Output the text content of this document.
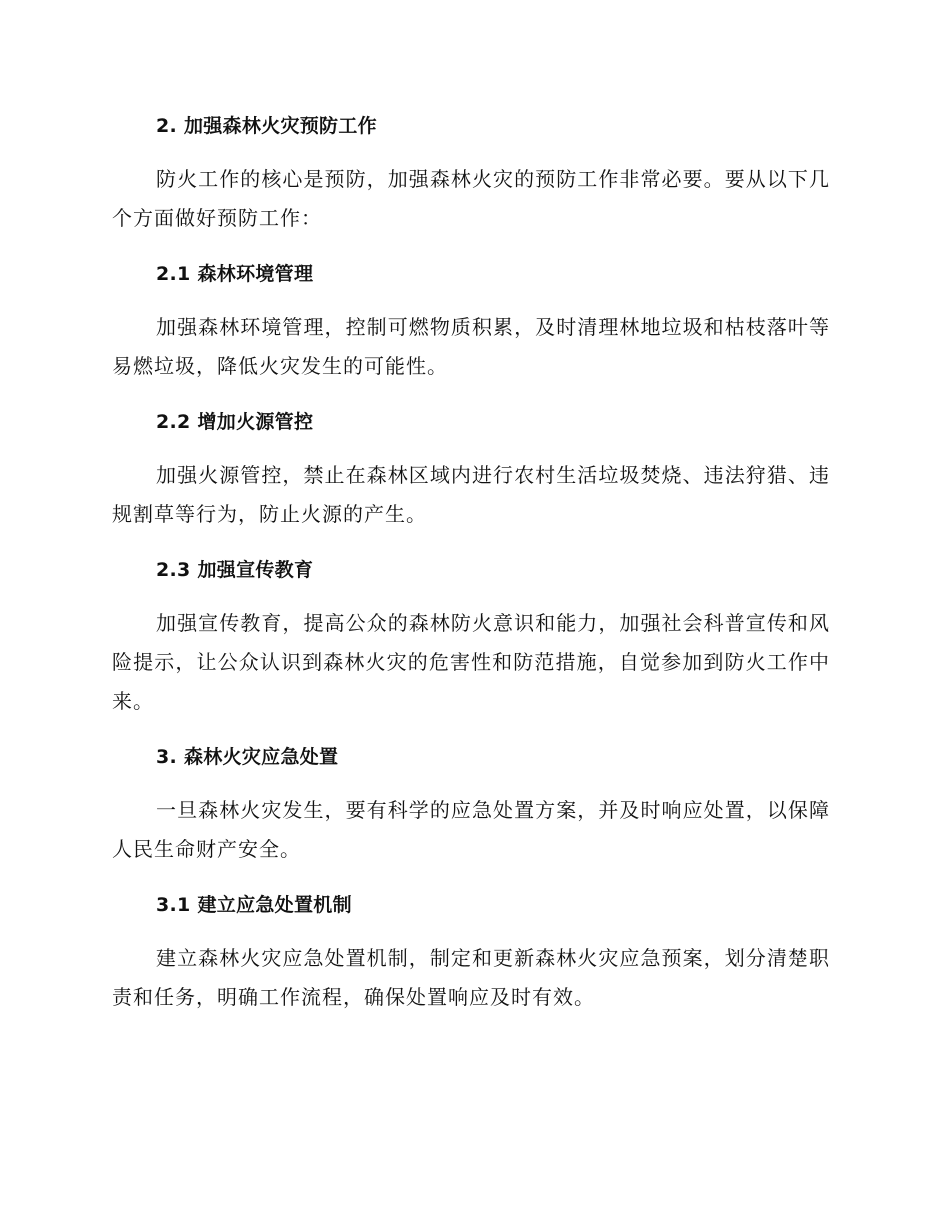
2. 加强森林火灾预防工作

防火工作的核心是预防，加强森林火灾的预防工作非常必要。要从以下几个方面做好预防工作：

2.1 森林环境管理

加强森林环境管理，控制可燃物质积累，及时清理林地垃圾和枯枝落叶等易燃垃圾，降低火灾发生的可能性。

2.2 增加火源管控

加强火源管控，禁止在森林区域内进行农村生活垃圾焚烧、违法狩猎、违规割草等行为，防止火源的产生。

2.3 加强宣传教育

加强宣传教育，提高公众的森林防火意识和能力，加强社会科普宣传和风险提示，让公众认识到森林火灾的危害性和防范措施，自觉参加到防火工作中来。

3. 森林火灾应急处置

一旦森林火灾发生，要有科学的应急处置方案，并及时响应处置，以保障人民生命财产安全。

3.1 建立应急处置机制

建立森林火灾应急处置机制，制定和更新森林火灾应急预案，划分清楚职责和任务，明确工作流程，确保处置响应及时有效。
